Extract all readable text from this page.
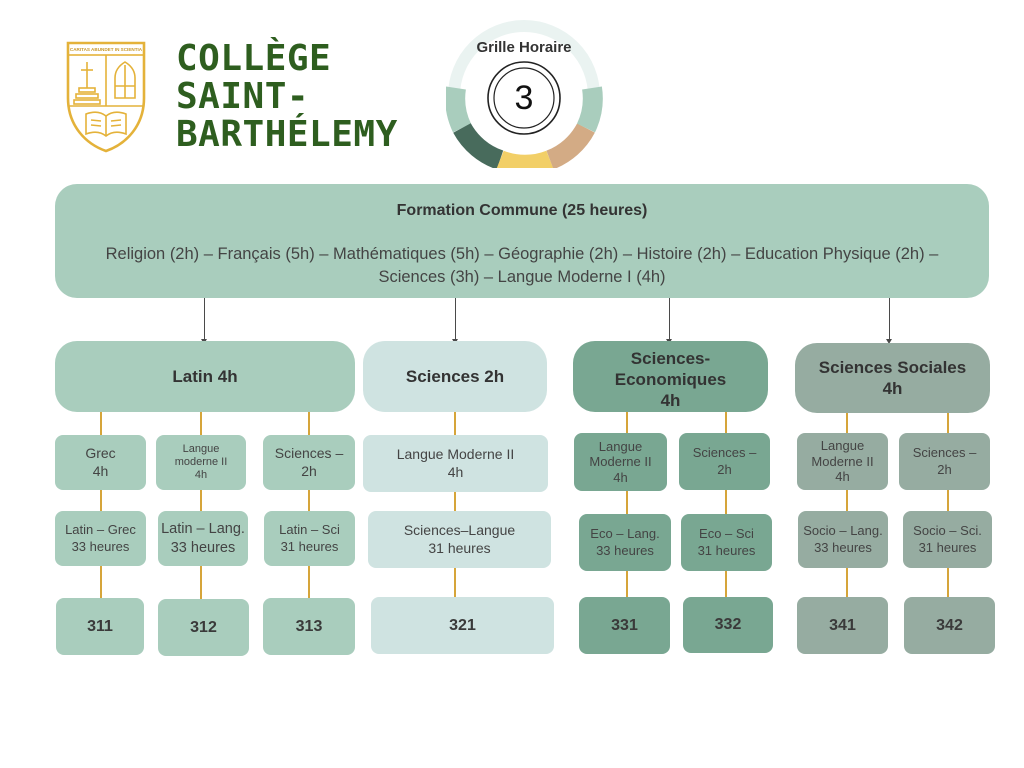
CARITAS ABUNDET IN SCIENTIA COLLÈGE
SAINT-
BARTHÉLEMY
Grille Horaire
3
Formation Commune (25 heures)
Religion (2h) – Français (5h) – Mathématiques (5h) – Géographie (2h) – Histoire (2h) – Education Physique (2h) – Sciences (3h) – Langue Moderne I (4h)
Latin 4h	Sciences 2h
Sciences-
Economiques
4h
Sciences Sociales
4h
Grec
4h
Langue
moderne II
4h
Sciences –
2h
Latin – Grec
33 heures
Latin – Lang.
33 heures
Latin – Sci
31 heures
311	312	313
Langue Moderne II
4h
Sciences–Langue
31 heures
321
Langue
Moderne II
4h
Sciences –
2h
Eco – Lang.
33 heures
Eco – Sci
31 heures
331	332
Langue
Moderne II
4h
Sciences –
2h
Socio – Lang.
33 heures
Socio – Sci.
31 heures
341	342
